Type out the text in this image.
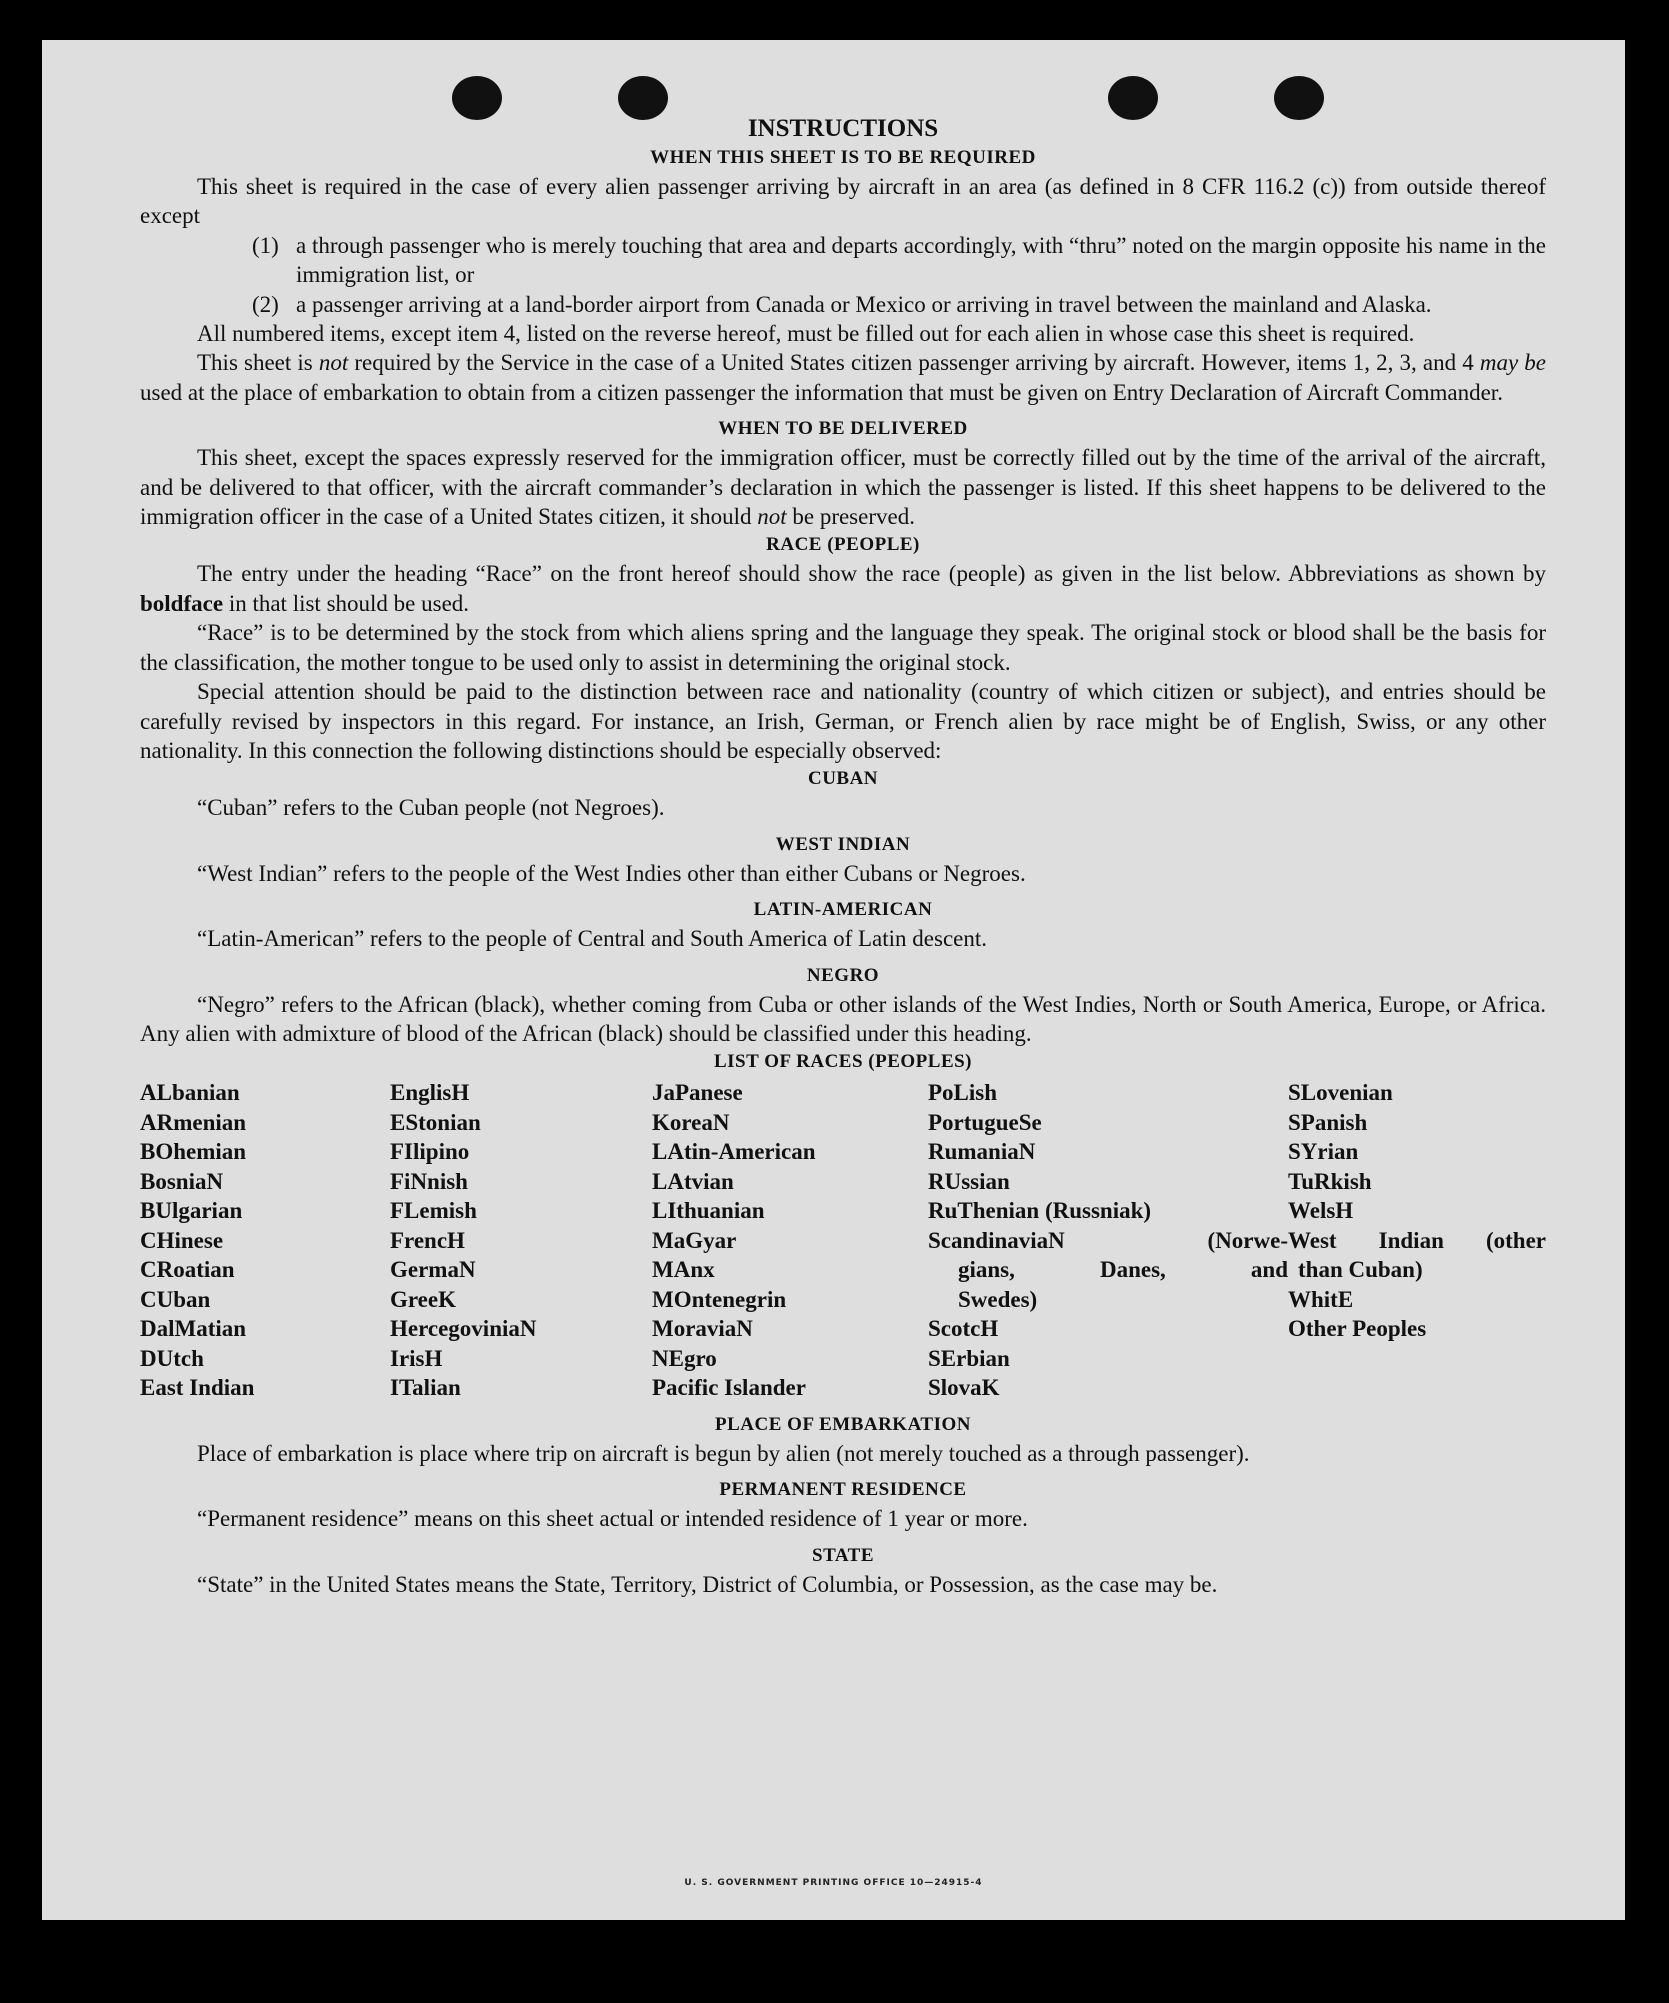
INSTRUCTIONS
WHEN THIS SHEET IS TO BE REQUIRED

This sheet is required in the case of every alien passenger arriving by aircraft in an area (as defined in 8 CFR 116.2 (c)) from outside thereof except

(1) a through passenger who is merely touching that area and departs accordingly, with “thru” noted on the margin opposite his name in the immigration list, or
(2) a passenger arriving at a land-border airport from Canada or Mexico or arriving in travel between the mainland and Alaska.

All numbered items, except item 4, listed on the reverse hereof, must be filled out for each alien in whose case this sheet is required.

This sheet is not required by the Service in the case of a United States citizen passenger arriving by aircraft. However, items 1, 2, 3, and 4 may be used at the place of embarkation to obtain from a citizen passenger the information that must be given on Entry Declaration of Aircraft Commander.

WHEN TO BE DELIVERED

This sheet, except the spaces expressly reserved for the immigration officer, must be correctly filled out by the time of the arrival of the aircraft, and be delivered to that officer, with the aircraft commander’s declaration in which the passenger is listed. If this sheet happens to be delivered to the immigration officer in the case of a United States citizen, it should not be preserved.

RACE (PEOPLE)

The entry under the heading “Race” on the front hereof should show the race (people) as given in the list below. Abbreviations as shown by boldface in that list should be used.

“Race” is to be determined by the stock from which aliens spring and the language they speak. The original stock or blood shall be the basis for the classification, the mother tongue to be used only to assist in determining the original stock.

Special attention should be paid to the distinction between race and nationality (country of which citizen or subject), and entries should be carefully revised by inspectors in this regard. For instance, an Irish, German, or French alien by race might be of English, Swiss, or any other nationality. In this connection the following distinctions should be especially observed:

CUBAN

“Cuban” refers to the Cuban people (not Negroes).

WEST INDIAN

“West Indian” refers to the people of the West Indies other than either Cubans or Negroes.

LATIN-AMERICAN

“Latin-American” refers to the people of Central and South America of Latin descent.

NEGRO

“Negro” refers to the African (black), whether coming from Cuba or other islands of the West Indies, North or South America, Europe, or Africa. Any alien with admixture of blood of the African (black) should be classified under this heading.

LIST OF RACES (PEOPLES)
ALbanian
ARmenian
BOhemian
BosniaN
BUlgarian
CHinese
CRoatian
CUban
DalMatian
DUtch
East Indian
EnglisH
EStonian
FIlipino
FiNnish
FLemish
FrencH
GermaN
GreeK
HercegoviniaN
IrisH
ITalian
JaPanese
KoreaN
LAtin-American
LAtvian
LIthuanian
MaGyar
MAnx
MOntenegrin
MoraviaN
NEgro
Pacific Islander
PoLish
PortugueSe
RumaniaN
RUssian
RuThenian (Russniak)
ScandinaviaN (Norwe-
gians, Danes, and
Swedes)
ScotcH
SErbian
SlovaK
SLovenian
SPanish
SYrian
TuRkish
WelsH
West Indian (other
than Cuban)
WhitE
Other Peoples
PLACE OF EMBARKATION

Place of embarkation is place where trip on aircraft is begun by alien (not merely touched as a through passenger).

PERMANENT RESIDENCE

“Permanent residence” means on this sheet actual or intended residence of 1 year or more.

STATE

“State” in the United States means the State, Territory, District of Columbia, or Possession, as the case may be.

U. S. GOVERNMENT PRINTING OFFICE 10—24915-4
